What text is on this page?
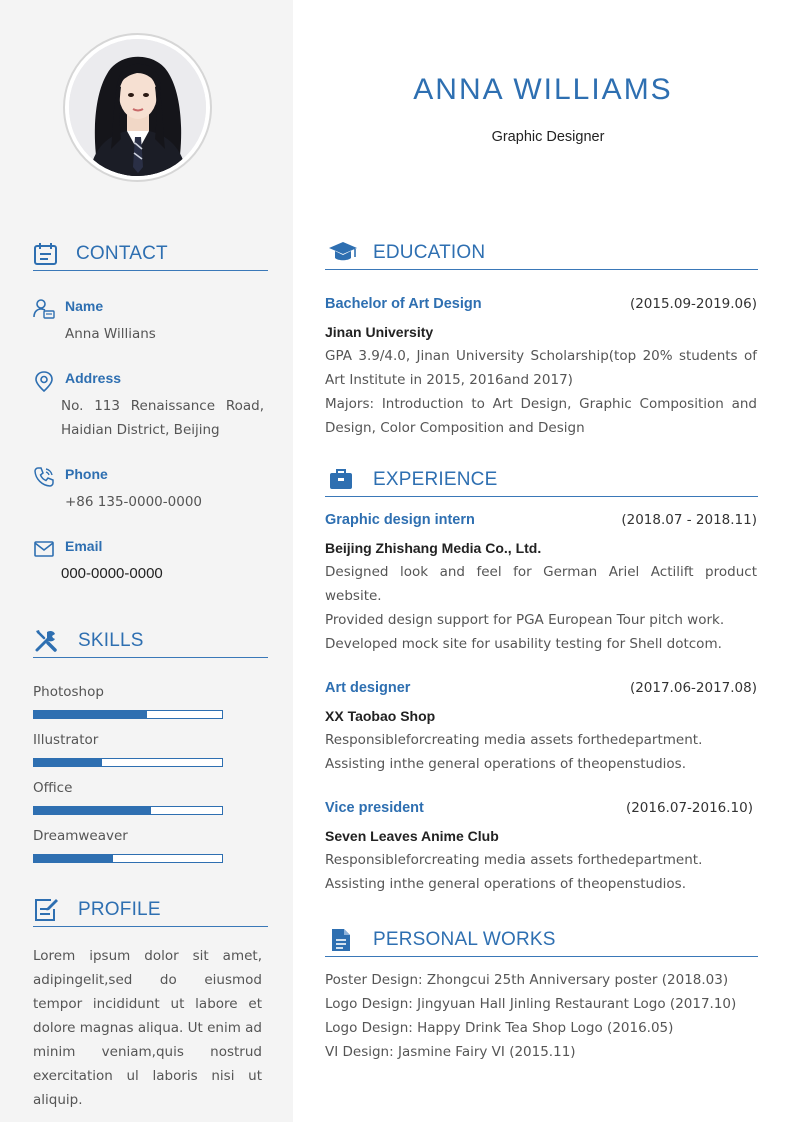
CONTACT
Name
Anna Willians
Address
No. 113 Renaissance Road, Haidian District, Beijing
Phone
+86 135-0000-0000
Email
000-0000-0000
SKILLS
Photoshop
Illustrator
Office
Dreamweaver
PROFILE
Lorem ipsum dolor sit amet, adipingelit,sed do eiusmod tempor incididunt ut labore et dolore magnas aliqua. Ut enim ad minim veniam,quis nostrud exercitation ul laboris nisi ut aliquip.
ANNA WILLIAMS
Graphic Designer
EDUCATION
Bachelor of Art Design	(2015.09-2019.06)
Jinan University
GPA 3.9/4.0, Jinan University Scholarship(top 20% students of Art Institute in 2015, 2016and 2017)
Majors: Introduction to Art Design, Graphic Composition and Design, Color Composition and Design
EXPERIENCE
Graphic design intern	(2018.07 - 2018.11)
Beijing Zhishang Media Co., Ltd.
Designed look and feel for German Ariel Actilift product website.
Provided design support for PGA European Tour pitch work.
Developed mock site for usability testing for Shell dotcom.
Art designer	(2017.06-2017.08)
XX Taobao Shop
Responsibleforcreating media assets forthedepartment.
Assisting inthe general operations of theopenstudios.
Vice president	(2016.07-2016.10)
Seven Leaves Anime Club
Responsibleforcreating media assets forthedepartment.
Assisting inthe general operations of theopenstudios.
PERSONAL WORKS
Poster Design: Zhongcui 25th Anniversary poster (2018.03)
Logo Design: Jingyuan Hall Jinling Restaurant Logo (2017.10)
Logo Design: Happy Drink Tea Shop Logo (2016.05)
VI Design: Jasmine Fairy VI (2015.11)
